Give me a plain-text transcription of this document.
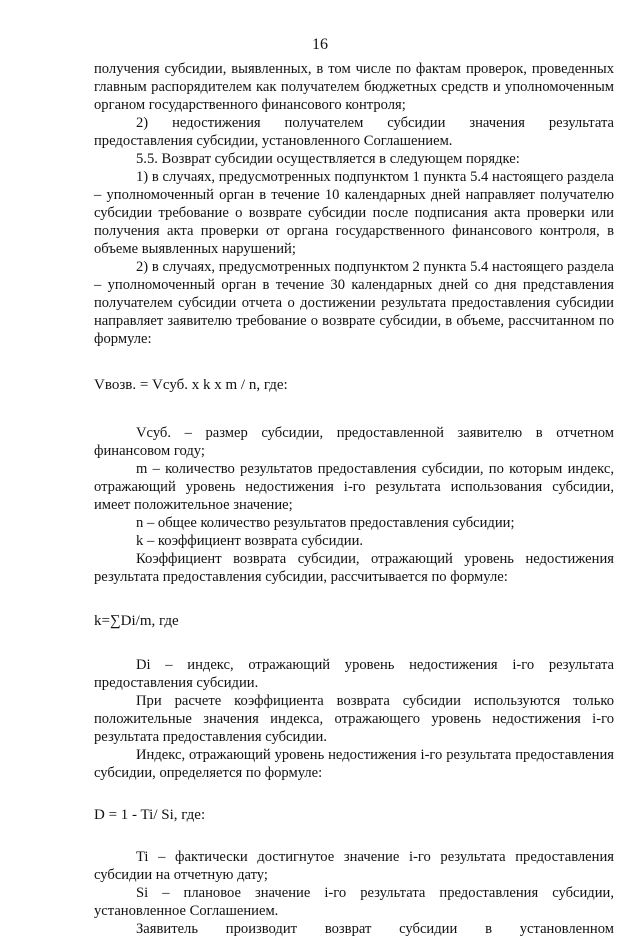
16

получения субсидии, выявленных, в том числе по фактам проверок, проведенных главным распорядителем как получателем бюджетных средств и уполномоченным органом государственного финансового контроля;

2) недостижения получателем субсидии значения результата предоставления субсидии, установленного Соглашением.

5.5. Возврат субсидии осуществляется в следующем порядке:

1) в случаях, предусмотренных подпунктом 1 пункта 5.4 настоящего раздела – уполномоченный орган в течение 10 календарных дней направляет получателю субсидии требование о возврате субсидии после подписания акта проверки или получения акта проверки от органа государственного финансового контроля, в объеме выявленных нарушений;

2) в случаях, предусмотренных подпунктом 2 пункта 5.4 настоящего раздела – уполномоченный орган в течение 30 календарных дней со дня представления получателем субсидии отчета о достижении результата предоставления субсидии направляет заявителю требование о возврате субсидии, в объеме, рассчитанном по формуле:

Vвозв. = Vсуб. x k x m / n, где:

Vсуб. – размер субсидии, предоставленной заявителю в отчетном финансовом году;

m – количество результатов предоставления субсидии, по которым индекс, отражающий уровень недостижения i-го результата использования субсидии, имеет положительное значение;

n – общее количество результатов предоставления субсидии;

k – коэффициент возврата субсидии.

Коэффициент возврата субсидии, отражающий уровень недостижения результата предоставления субсидии, рассчитывается по формуле:

k=∑Di/m, где

Di – индекс, отражающий уровень недостижения i-го результата предоставления субсидии.

При расчете коэффициента возврата субсидии используются только положительные значения индекса, отражающего уровень недостижения i-го результата предоставления субсидии.

Индекс, отражающий уровень недостижения i-го результата предоставления субсидии, определяется по формуле:

D = 1 - Ti/ Si, где:

Ti – фактически достигнутое значение i-го результата предоставления субсидии на отчетную дату;

Si – плановое значение i-го результата предоставления субсидии, установленное Соглашением.

Заявитель производит возврат субсидии в установленном
